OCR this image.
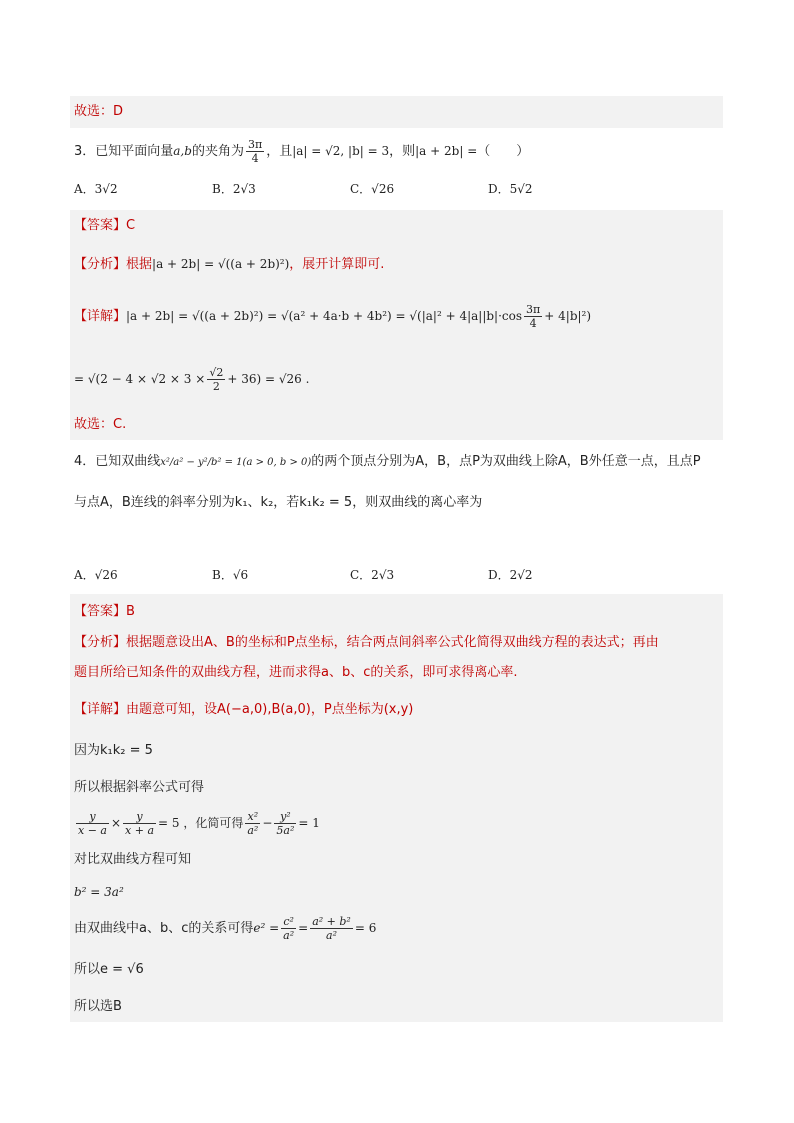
故选：D
3．已知平面向量a,b的夹角为 $\frac{3\pi}{4}$ ，且|a| = √2, |b| = 3，则|a + 2b| =（　　）
A．3√2	B．2√3	C．√26	D．5√2
【答案】C
【分析】根据|a + 2b| = √((a + 2b)²)，展开计算即可.
【详解】$|a + 2b| = √((a + 2b)^2) = √(a^2 + 4a\cdot b + 4b^2) = √(|a|^2 + 4|a||b|\cdot\cos \frac{3\pi}{4} + 4|b|^2)$
= $√(2 - 4 \times √2 \times 3 \times \frac{√2}{2} + 36) = √26$ .
故选：C.
4．已知双曲线x²/a² − y²/b² = 1(a > 0, b > 0)的两个顶点分别为A，B，点P为双曲线上除A，B外任意一点，且点P
与点A，B连线的斜率分别为k₁、k₂，若k₁k₂ = 5，则双曲线的离心率为
A．√26	B．√6	C．2√3	D．2√2
【答案】B
【分析】根据题意设出A、B的坐标和P点坐标，结合两点间斜率公式化简得双曲线方程的表达式；再由
题目所给已知条件的双曲线方程，进而求得a、b、c的关系，即可求得离心率.
【详解】由题意可知，设A(−a,0),B(a,0)，P点坐标为(x,y)
因为k₁k₂ = 5
所以根据斜率公式可得
$\frac{y}{x - a} \times \frac{y}{x + a} = 5$ ，化简可得 $\frac{\text{x²}}{\text{a²}} - \frac{\text{y²}}{\text{5a²}} = 1$
对比双曲线方程可知
b² = 3a²
由双曲线中a、b、c的关系可得$e^2 = \frac{\text{c²}}{\text{a²}} = \frac{\text{a² + b²}}{\text{a²}} = 6$
所以e = √6
所以选B
